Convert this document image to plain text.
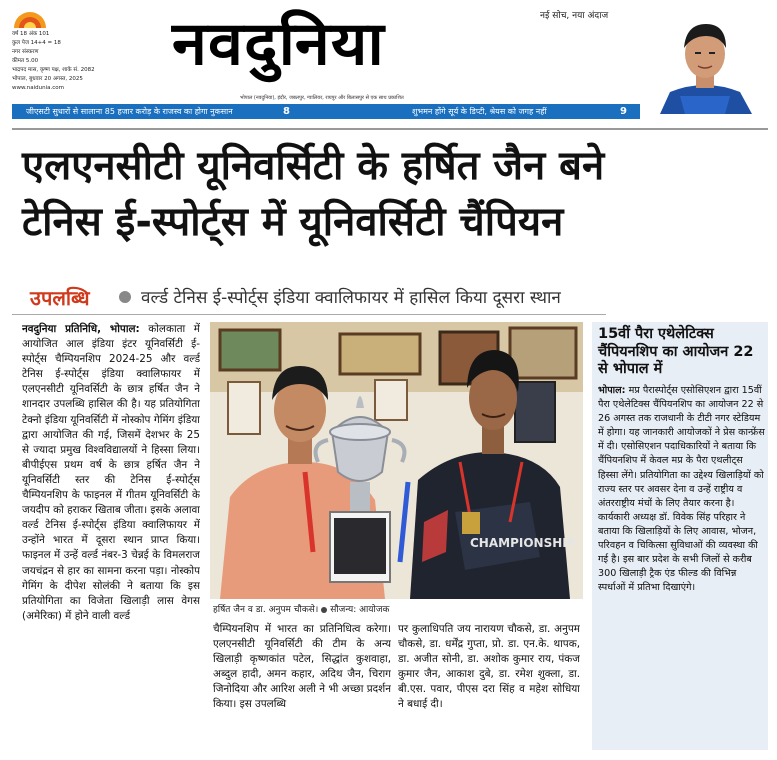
वर्ष 18 अंक 101
कुल पेज 14+4 = 18
नगर संस्करण
कीमत 5.00
भाद्रपद मास, कृष्ण पक्ष, शाके सं. 2082
भोपाल, बुधवार 20 अगस्त, 2025
www.naidunia.com
नवदुनिया	नई सोच, नया अंदाज
भोपाल (नवदुनिया), इंदौर, जबलपुर, ग्वालियर, रायपुर और बिलासपुर से एक साथ प्रकाशित
जीएसटी सुधारों से सालाना 85 हजार करोड़ के राजस्व का होगा नुकसान	8	शुभमन होंगे सूर्य के डिप्टी, श्रेयस को जगह नहीं	9
एलएनसीटी यूनिवर्सिटी के हर्षित जैन बने
टेनिस ई-स्पोर्ट्स में यूनिवर्सिटी चैंपियन
उपलब्धि	वर्ल्ड टेनिस ई-स्पोर्ट्स इंडिया क्वालिफायर में हासिल किया दूसरा स्थान
नवदुनिया प्रतिनिधि, भोपाल: कोलकाता में आयोजित आल इंडिया इंटर यूनिवर्सिटी ई-स्पोर्ट्स चैम्पियनशिप 2024-25 और वर्ल्ड टेनिस ई-स्पोर्ट्स इंडिया क्वालिफायर में एलएनसीटी यूनिवर्सिटी के छात्र हर्षित जैन ने शानदार उपलब्धि हासिल की है। यह प्रतियोगिता टेक्नो इंडिया यूनिवर्सिटी में नोस्कोप गेमिंग इंडिया द्वारा आयोजित की गई, जिसमें देशभर के 25 से ज्यादा प्रमुख विश्वविद्यालयों ने हिस्सा लिया। बीपीईएस प्रथम वर्ष के छात्र हर्षित जैन ने यूनिवर्सिटी स्तर की टेनिस ई-स्पोर्ट्स चैम्पियनशिप के फाइनल में गीतम यूनिवर्सिटी के जयदीप को हराकर खिताब जीता। इसके अलावा वर्ल्ड टेनिस ई-स्पोर्ट्स इंडिया क्वालिफायर में उन्होंने भारत में दूसरा स्थान प्राप्त किया। फाइनल में उन्हें वर्ल्ड नंबर-3 चेन्नई के विमलराज जयचंद्रन से हार का सामना करना पड़ा। नोस्कोप गेमिंग के दीपेश सोलंकी ने बताया कि इस प्रतियोगिता का विजेता खिलाड़ी लास वेगस (अमेरिका) में होने वाली वर्ल्ड
CHAMPIONSHIP
हर्षित जैन व डा. अनुपम चौकसे। सौजन्य: आयोजक
चैम्पियनशिप में भारत का प्रतिनिधित्व करेगा। एलएनसीटी यूनिवर्सिटी की टीम के अन्य खिलाड़ी कृष्णकांत पटेल, सिद्धांत कुशवाहा, अब्दुल हादी, अमन कहार, अदिथ जैन, चिराग जिनोदिया और आरिश अली ने भी अच्छा प्रदर्शन किया। इस उपलब्धि
पर कुलाधिपति जय नारायण चौकसे, डा. अनुपम चौकसे, डा. धर्मेंद्र गुप्ता, प्रो. डा. एन.के. थापक, डा. अजीत सोनी, डा. अशोक कुमार राय, पंकज कुमार जैन, आकाश दुबे, डा. रमेश शुक्ला, डा. बी.एस. पवार, पीएस दरा सिंह व महेश सोधिया ने बधाई दी।
15वीं पैरा एथेलेटिक्स चैंपियनशिप का आयोजन 22 से भोपाल में
भोपाल: मप्र पैरास्पोर्ट्स एसोसिएशन द्वारा 15वीं पैरा एथेलेटिक्स चैंपियनशिप का आयोजन 22 से 26 अगस्त तक राजधानी के टीटी नगर स्टेडियम में होगा। यह जानकारी आयोजकों ने प्रेस कान्फ्रेंस में दी। एसोसिएशन पदाधिकारियों ने बताया कि चैंपियनशिप में केवल मप्र के पैरा एथलीट्स हिस्सा लेंगे। प्रतियोगिता का उद्देश्य खिलाड़ियों को राज्य स्तर पर अवसर देना व उन्हें राष्ट्रीय व अंतरराष्ट्रीय मंचों के लिए तैयार करना है। कार्यकारी अध्यक्ष डॉ. विवेक सिंह परिहार ने बताया कि खिलाड़ियों के लिए आवास, भोजन, परिवहन व चिकित्सा सुविधाओं की व्यवस्था की गई है। इस बार प्रदेश के सभी जिलों से करीब 300 खिलाड़ी ट्रैक एंड फील्ड की विभिन्न स्पर्धाओं में प्रतिभा दिखाएंगे।
